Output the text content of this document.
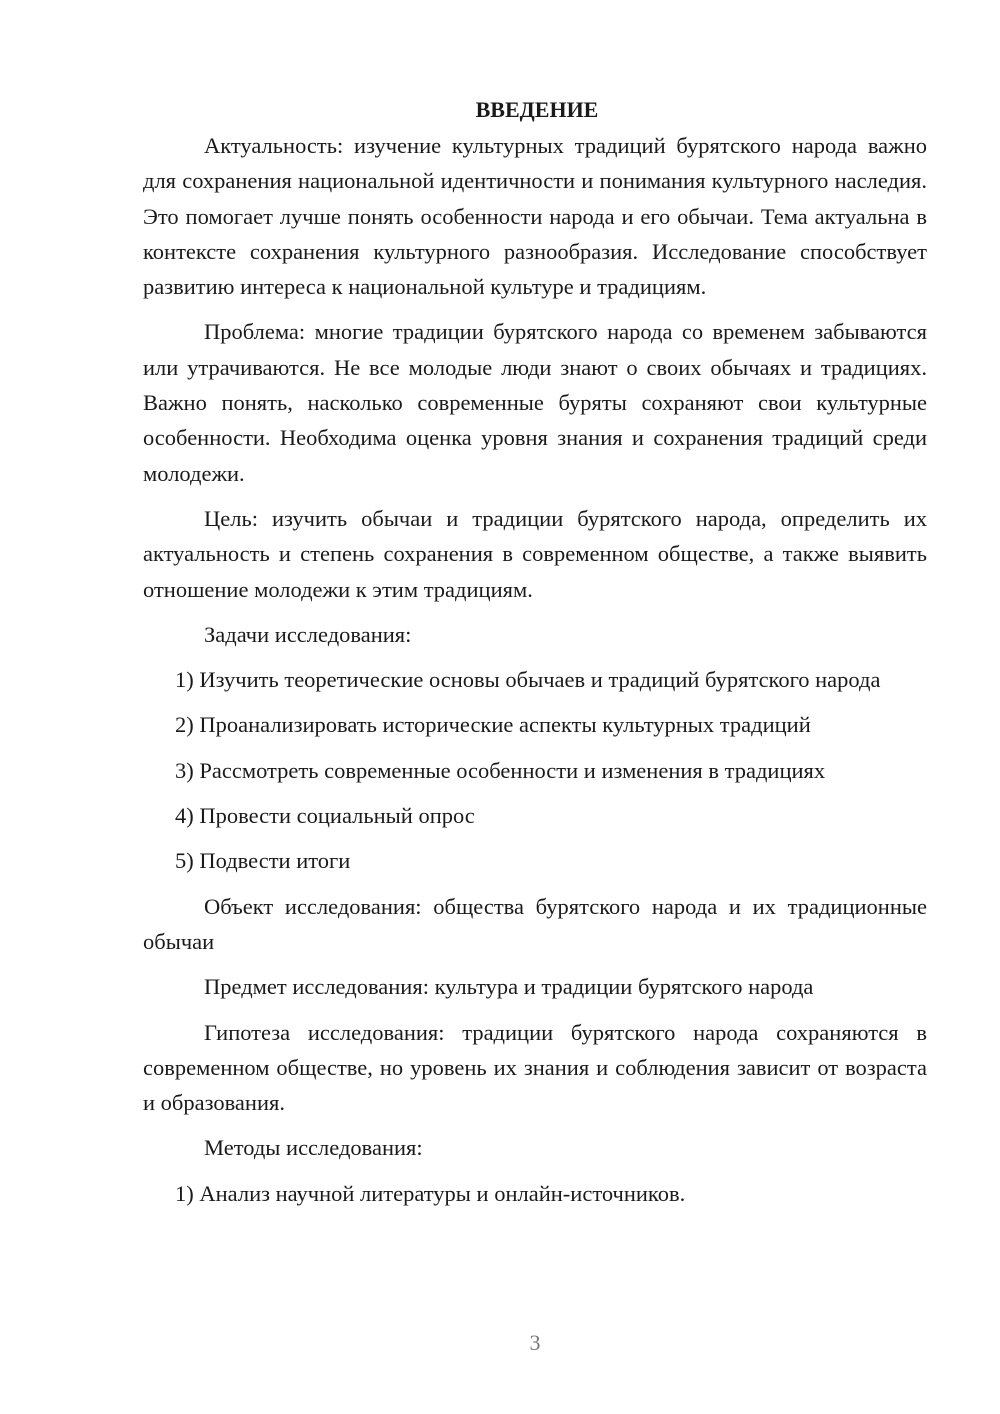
ВВЕДЕНИЕ

Актуальность: изучение культурных традиций бурятского народа важно для сохранения национальной идентичности и понимания культурного наследия. Это помогает лучше понять особенности народа и его обычаи. Тема актуальна в контексте сохранения культурного разнообразия. Исследование способствует развитию интереса к национальной культуре и традициям.

Проблема: многие традиции бурятского народа со временем забываются или утрачиваются. Не все молодые люди знают о своих обычаях и традициях. Важно понять, насколько современные буряты сохраняют свои культурные особенности. Необходима оценка уровня знания и сохранения традиций среди молодежи.

Цель: изучить обычаи и традиции бурятского народа, определить их актуальность и степень сохранения в современном обществе, а также выявить отношение молодежи к этим традициям.

Задачи исследования:

1) Изучить теоретические основы обычаев и традиций бурятского народа

2) Проанализировать исторические аспекты культурных традиций

3) Рассмотреть современные особенности и изменения в традициях

4) Провести социальный опрос

5) Подвести итоги

Объект исследования: общества бурятского народа и их традиционные обычаи

Предмет исследования: культура и традиции бурятского народа

Гипотеза исследования: традиции бурятского народа сохраняются в современном обществе, но уровень их знания и соблюдения зависит от возраста и образования.

Методы исследования:

1) Анализ научной литературы и онлайн-источников.

3
